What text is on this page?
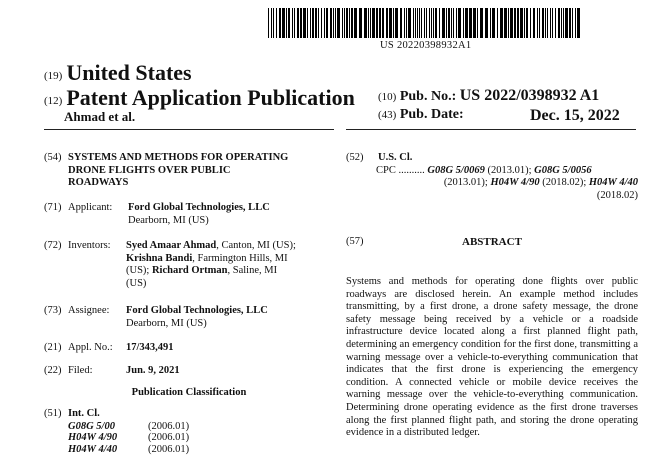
US 20220398932A1
(19) United States
(12) Patent Application Publication
Ahmad et al.
(10) Pub. No.: US 2022/0398932 A1
(43) Pub. Date:	Dec. 15, 2022
(54) SYSTEMS AND METHODS FOR OPERATING
DRONE FLIGHTS OVER PUBLIC
ROADWAYS
(71) Applicant:	Ford Global Technologies, LLC
Dearborn, MI (US)
(72) Inventors:	Syed Amaar Ahmad, Canton, MI (US);
Krishna Bandi, Farmington Hills, MI
(US); Richard Ortman, Saline, MI
(US)
(73) Assignee:	Ford Global Technologies, LLC
Dearborn, MI (US)
(21) Appl. No.:	17/343,491
(22) Filed:	Jun. 9, 2021
Publication Classification
(51) Int. Cl.
G08G 5/00	(2006.01)
H04W 4/90	(2006.01)
H04W 4/40	(2006.01)
(52)	U.S. Cl.
CPC .......... G08G 5/0069 (2013.01); G08G 5/0056
(2013.01); H04W 4/90 (2018.02); H04W 4/40
(2018.02)
(57)	ABSTRACT
Systems and methods for operating done flights over public roadways are disclosed herein. An example method includes transmitting, by a first drone, a drone safety message, the drone safety message being received by a vehicle or a roadside infrastructure device located along a first planned flight path, determining an emergency condition for the first done, transmitting a warning message over a vehicle-to-everything communication that indicates that the first drone is experiencing the emergency condition. A connected vehicle or mobile device receives the warning message over the vehicle-to-everything communication. Determining drone operating evidence as the first drone traverses along the first planned flight path, and storing the drone operating evidence in a distributed ledger.
